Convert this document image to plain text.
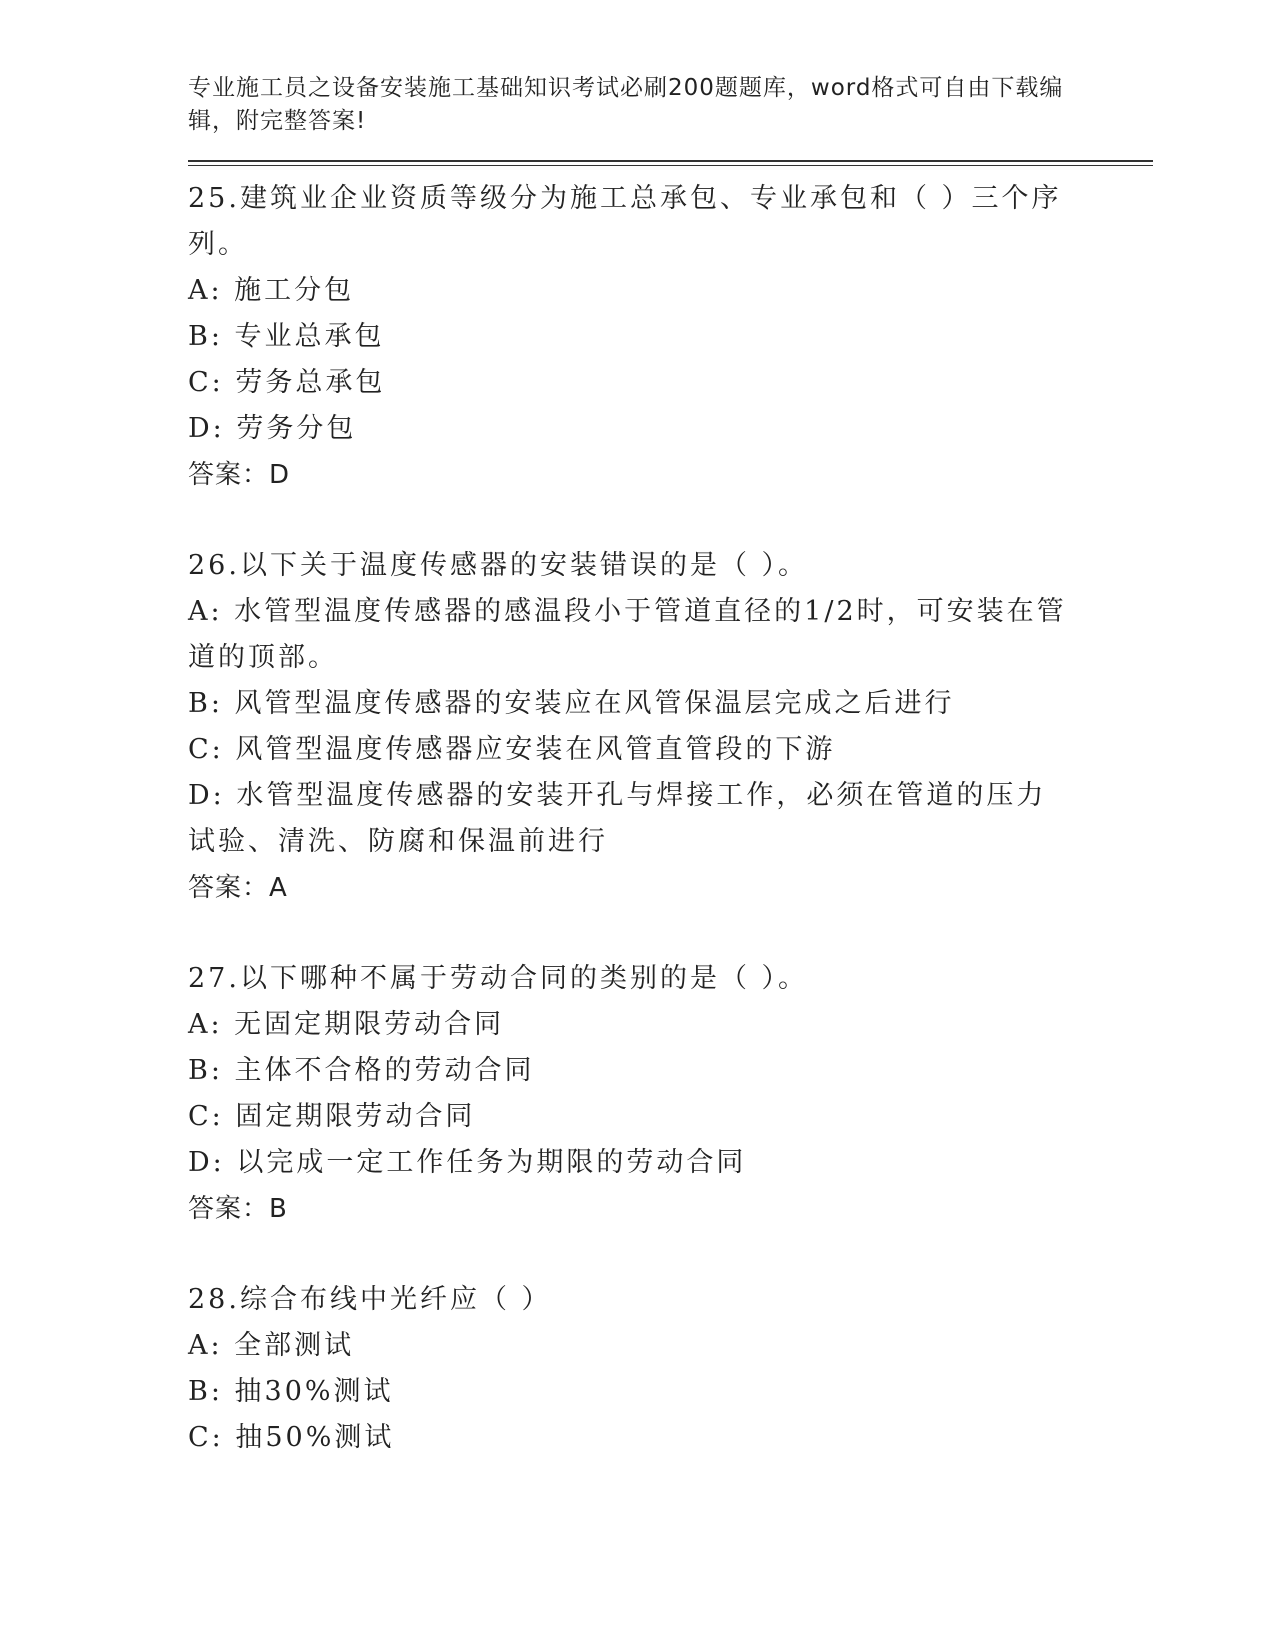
专业施工员之设备安装施工基础知识考试必刷200题题库，word格式可自由下载编辑，附完整答案!
25.建筑业企业资质等级分为施工总承包、专业承包和（ ）三个序列。
A: 施工分包
B: 专业总承包
C: 劳务总承包
D: 劳务分包
答案：D
26.以下关于温度传感器的安装错误的是（ ）。
A: 水管型温度传感器的感温段小于管道直径的1/2时，可安装在管道的顶部。
B: 风管型温度传感器的安装应在风管保温层完成之后进行
C: 风管型温度传感器应安装在风管直管段的下游
D: 水管型温度传感器的安装开孔与焊接工作，必须在管道的压力试验、清洗、防腐和保温前进行
答案：A
27.以下哪种不属于劳动合同的类别的是（ ）。
A: 无固定期限劳动合同
B: 主体不合格的劳动合同
C: 固定期限劳动合同
D: 以完成一定工作任务为期限的劳动合同
答案：B
28.综合布线中光纤应（ ）
A: 全部测试
B: 抽30%测试
C: 抽50%测试
